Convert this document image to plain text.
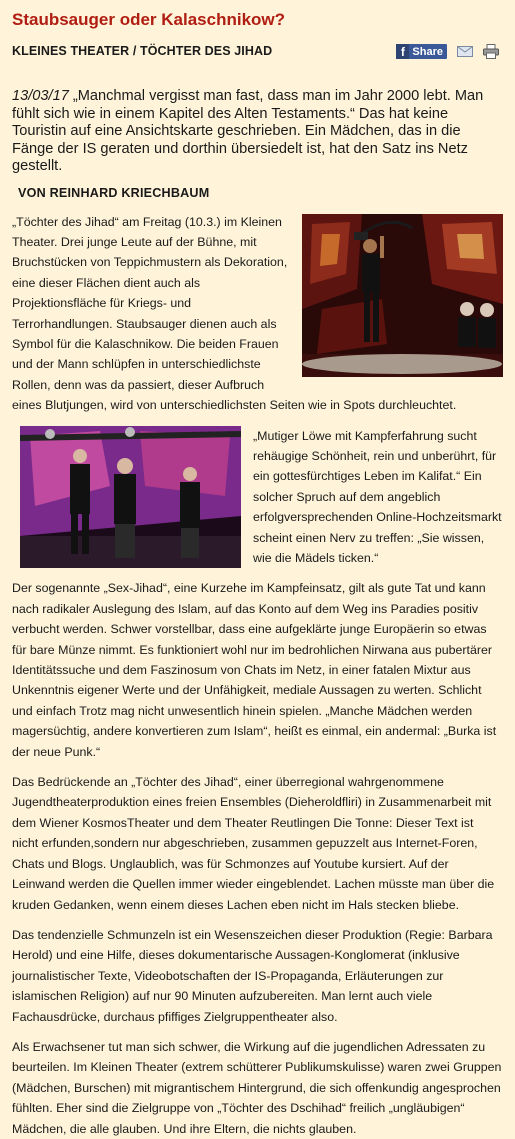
Staubsauger oder Kalaschnikow?
KLEINES THEATER / TÖCHTER DES JIHAD	f Share
13/03/17 „Manchmal vergisst man fast, dass man im Jahr 2000 lebt. Man fühlt sich wie in einem Kapitel des Alten Testaments.“ Das hat keine Touristin auf eine Ansichtskarte geschrieben. Ein Mädchen, das in die Fänge der IS geraten und dorthin übersiedelt ist, hat den Satz ins Netz gestellt.
VON REINHARD KRIECHBAUM

„Töchter des Jihad“ am Freitag (10.3.) im Kleinen Theater. Drei junge Leute auf der Bühne, mit Bruchstücken von Teppichmustern als Dekoration, eine dieser Flächen dient auch als Projektionsfläche für Kriegs- und Terrorhandlungen. Staubsauger dienen auch als Symbol für die Kalaschnikow. Die beiden Frauen und der Mann schlüpfen in unterschiedlichste Rollen, denn was da passiert, dieser Aufbruch eines Blutjungen, wird von unterschiedlichsten Seiten wie in Spots durchleuchtet.

„Mutiger Löwe mit Kampferfahrung sucht rehäugige Schönheit, rein und unberührt, für ein gottesfürchtiges Leben im Kalifat.“ Ein solcher Spruch auf dem angeblich erfolgversprechenden Online-Hochzeitsmarkt scheint einen Nerv zu treffen: „Sie wissen, wie die Mädels ticken.“

Der sogenannte „Sex-Jihad“, eine Kurzehe im Kampfeinsatz, gilt als gute Tat und kann nach radikaler Auslegung des Islam, auf das Konto auf dem Weg ins Paradies positiv verbucht werden. Schwer vorstellbar, dass eine aufgeklärte junge Europäerin so etwas für bare Münze nimmt. Es funktioniert wohl nur im bedrohlichen Nirwana aus pubertärer Identitätssuche und dem Faszinosum von Chats im Netz, in einer fatalen Mixtur aus Unkenntnis eigener Werte und der Unfähigkeit, mediale Aussagen zu werten. Schlicht und einfach Trotz mag nicht unwesentlich hinein spielen. „Manche Mädchen werden magersüchtig, andere konvertieren zum Islam“, heißt es einmal, ein andermal: „Burka ist der neue Punk.“

Das Bedrückende an „Töchter des Jihad“, einer überregional wahrgenommene Jugendtheaterproduktion eines freien Ensembles (Dieheroldfliri) in Zusammenarbeit mit dem Wiener KosmosTheater und dem Theater Reutlingen Die Tonne: Dieser Text ist nicht erfunden,sondern nur abgeschrieben, zusammen gepuzzelt aus Internet-Foren, Chats und Blogs. Unglaublich, was für Schmonzes auf Youtube kursiert. Auf der Leinwand werden die Quellen immer wieder eingeblendet. Lachen müsste man über die kruden Gedanken, wenn einem dieses Lachen eben nicht im Hals stecken bliebe.

Das tendenzielle Schmunzeln ist ein Wesenszeichen dieser Produktion (Regie: Barbara Herold) und eine Hilfe, dieses dokumentarische Aussagen-Konglomerat (inklusive journalistischer Texte, Videobotschaften der IS-Propaganda, Erläuterungen zur islamischen Religion) auf nur 90 Minuten aufzubereiten. Man lernt auch viele Fachausdrücke, durchaus pfiffiges Zielgruppentheater also.

Als Erwachsener tut man sich schwer, die Wirkung auf die jugendlichen Adressaten zu beurteilen. Im Kleinen Theater (extrem schütterer Publikumskulisse) waren zwei Gruppen (Mädchen, Burschen) mit migrantischem Hintergrund, die sich offenkundig angesprochen fühlten. Eher sind die Zielgruppe von „Töchter des Dschihad“ freilich „ungläubigen“ Mädchen, die alle glauben. Und ihre Eltern, die nichts glauben.
